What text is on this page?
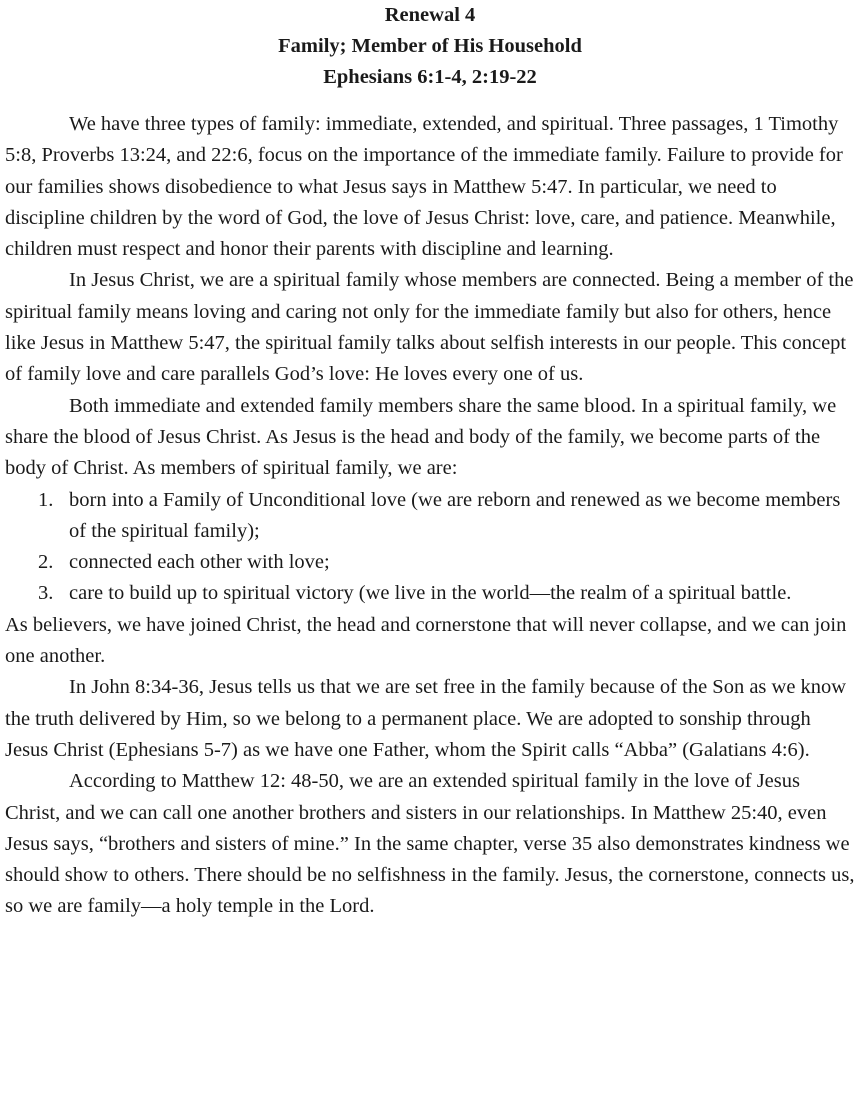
Renewal 4
Family; Member of His Household
Ephesians 6:1-4, 2:19-22

We have three types of family: immediate, extended, and spiritual. Three passages, 1 Timothy 5:8, Proverbs 13:24, and 22:6, focus on the importance of the immediate family. Failure to provide for our families shows disobedience to what Jesus says in Matthew 5:47. In particular, we need to discipline children by the word of God, the love of Jesus Christ: love, care, and patience. Meanwhile, children must respect and honor their parents with discipline and learning.

In Jesus Christ, we are a spiritual family whose members are connected. Being a member of the spiritual family means loving and caring not only for the immediate family but also for others, hence like Jesus in Matthew 5:47, the spiritual family talks about selfish interests in our people. This concept of family love and care parallels God’s love: He loves every one of us.

Both immediate and extended family members share the same blood. In a spiritual family, we share the blood of Jesus Christ. As Jesus is the head and body of the family, we become parts of the body of Christ. As members of spiritual family, we are:

1. born into a Family of Unconditional love (we are reborn and renewed as we become members of the spiritual family);
2. connected each other with love;
3. care to build up to spiritual victory (we live in the world—the realm of a spiritual battle.

As believers, we have joined Christ, the head and cornerstone that will never collapse, and we can join one another.

In John 8:34-36, Jesus tells us that we are set free in the family because of the Son as we know the truth delivered by Him, so we belong to a permanent place. We are adopted to sonship through Jesus Christ (Ephesians 5-7) as we have one Father, whom the Spirit calls “Abba” (Galatians 4:6).

According to Matthew 12: 48-50, we are an extended spiritual family in the love of Jesus Christ, and we can call one another brothers and sisters in our relationships. In Matthew 25:40, even Jesus says, “brothers and sisters of mine.” In the same chapter, verse 35 also demonstrates kindness we should show to others. There should be no selfishness in the family. Jesus, the cornerstone, connects us, so we are family—a holy temple in the Lord.
